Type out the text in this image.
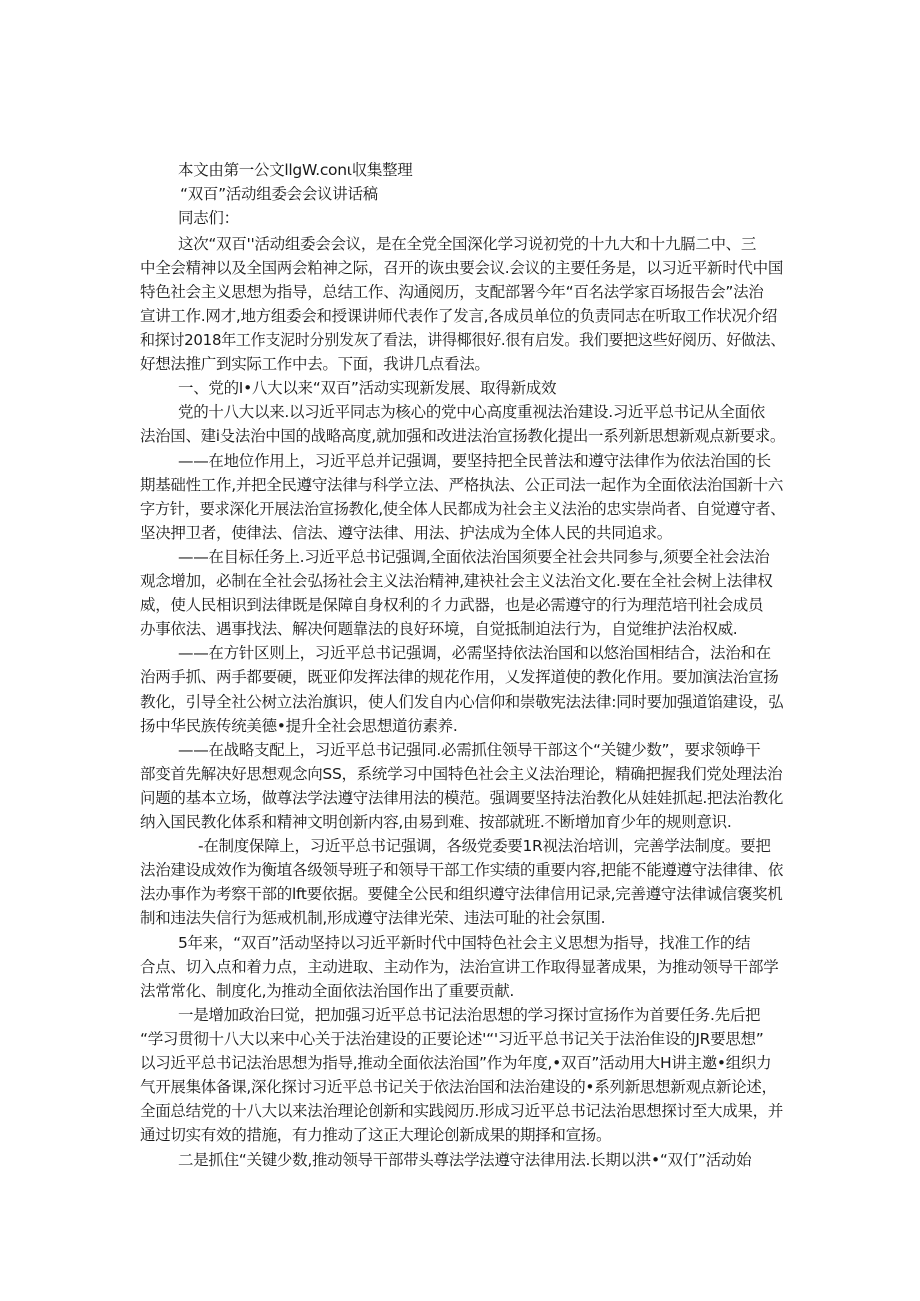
本文由第一公文llgW.conι収集整理
“双百”活动组委会会议讲话稿
同志们：
这次“双百''活动组委会会议，是在全党全国深化学习说初党的十九大和十九膈二中、三
中全会精神以及全国两会粕神之际，召开的诙虫要会议.会议的主要任务是，以习近平新时代中国
特色社会主义思想为指导，总结工作、沟通阅历，支配部署今年“百名法学家百场报告会”法治
宣讲工作.网才,地方组委会和授课讲师代表作了发言,各成员单位的负责同志在听取工作状况介绍
和探讨2018年工作支泥时分别发灰了看法，讲得椰很好.很有启发。我们要把这些好阅历、好做法、
好想法推广到实际工作中去。下面，我讲几点看法。
一、党的I•八大以来“双百”活动实现新发展、取得新成效
党的十八大以来.以习近平同志为核心的党中心高度重视法治建设.习近平总书记从全面依
法治国、建i殳法治中国的战略高度,就加强和改进法治宣扬教化提出一系列新思想新观点新要求。
——在地位作用上，习近平总并记强调，要坚持把全民普法和遵守法律作为依法治国的长
期基础性工作,并把全民遵守法律与科学立法、严格执法、公正司法一起作为全面依法治国新十六
字方针，要求深化开展法治宣扬教化,使全体人民都成为社会主义法治的忠实崇尚者、自觉遵守者、
坚决押卫者，使律法、信法、遵守法律、用法、护法成为全体人民的共同追求。
——在目标任务上.习近平总书记强调,全面依法治国须要全社会共同参与,须要全社会法治
观念增加，必制在全社会弘扬社会主义法治精神,建袂社会主义法治文化.要在全社会树上法律权
威，使人民相识到法律既是保障自身权利的彳力武器，也是必需遵守的行为理范培刊社会成员
办事依法、遇事找法、解决何题靠法的良好环境，自觉抵制迫法行为，自觉维护法治权威.
——在方针区则上，习近平总书记强调，必需坚持依法治国和以悠治国相结合，法治和在
治两手抓、两手都要硬，既亚仰发挥法律的规花作用，乂发挥道使的教化作用。要加演法治宣扬
教化，引导全社公树立法治旗识，使人们发自内心信仰和崇敬宪法法律:同时要加强道馅建设，弘
扬中华民族传统美德•提升全社会思想道彷素养.
——在战略支配上，习近平总书记强同.必需抓住领导干部这个“关键少数”，要求领峥干
部变首先解决好思想观念向SS，系统学习中国特色社会主义法治理论，精确把握我们党处理法治
问题的基本立场，做尊法学法遵守法律用法的模范。强调要坚持法治教化从娃娃抓起.把法治教化
纳入国民教化体系和精神文明创新内容,由易到难、按部就班.不断增加育少年的规则意识.
-在制度保障上，习近平总书记强调，各级党委要1R视法治培训，完善学法制度。要把
法治建设成效作为衡埴各级领导班子和领导干部工作实绩的重要内容,把能不能遵遵守法律律、依
法办事作为考察干部的lft要依据。要健全公民和组织遵守法律信用记录,完善遵守法律诚信褒奖机
制和违法失信行为惩戒机制,形成遵守法律光荣、违法可耻的社会氛围.
5年来，“双百”活动坚持以习近平新时代中国特色社会主义思想为指导，找准工作的结
合点、切入点和着力点，主动进取、主动作为，法治宣讲工作取得显著成果，为推动领导干部学
法常常化、制度化,为推动全面依法治国作出了重要贡献.
一是增加政治曰觉，把加强习近平总书记法治思想的学习探讨宣扬作为首要任务.先后把
“学习贯彻十八大以来中心关于法治建设的正要论述'“'习近平总书记关于法治隹设的JR要思想”
以习近平总书记法治思想为指导,推动全面依法治国”作为年度,•双百”活动用大H讲主邀•组织力
气开展集体备课,深化探讨习近平总书记关于依法治国和法治建设的•系列新思想新观点新论述，
全面总结党的十八大以来法治理论创新和实践阅历.形成习近平总书记法治思想探讨至大成果，并
通过切实有效的措施，有力推动了这正大理论创新成果的期择和宣扬。
二是抓住“关键少数,推动领导干部带头尊法学法遵守法律用法.长期以洪•“双仃”活动始
